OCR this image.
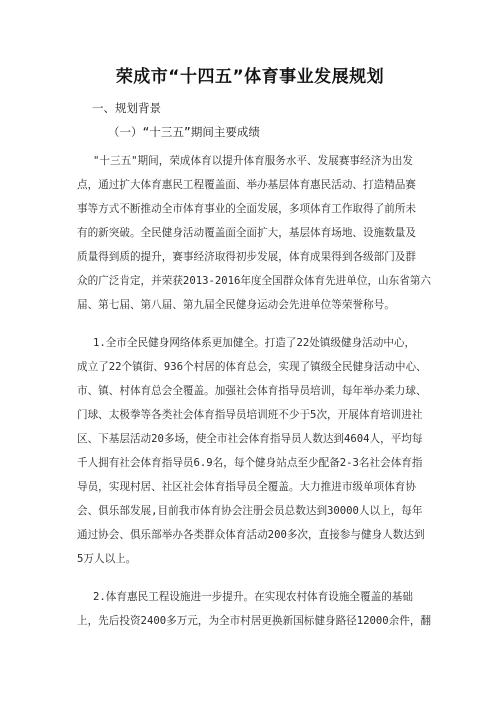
荣成市“十四五”体育事业发展规划
一、规划背景
（一）“十三五”期间主要成绩
"十三五"期间，荣成体育以提升体育服务水平、发展赛事经济为出发
点，通过扩大体育惠民工程覆盖面、举办基层体育惠民活动、打造精品赛
事等方式不断推动全市体育事业的全面发展，多项体育工作取得了前所未
有的新突破。全民健身活动覆盖面全面扩大，基层体育场地、设施数量及
质量得到质的提升，赛事经济取得初步发展，体育成果得到各级部门及群
众的广泛肯定，并荣获2013-2016年度全国群众体育先进单位，山东省第六
届、第七届、第八届、第九届全民健身运动会先进单位等荣誉称号。
1.全市全民健身网络体系更加健全。打造了22处镇级健身活动中心，
成立了22个镇街、936个村居的体育总会，实现了镇级全民健身活动中心、
市、镇、村体育总会全覆盖。加强社会体育指导员培训，每年举办柔力球、
门球、太极拳等各类社会体育指导员培训班不少于5次，开展体育培训进社
区、下基层活动20多场，使全市社会体育指导员人数达到4604人，平均每
千人拥有社会体育指导员6.9名，每个健身站点至少配备2-3名社会体育指
导员，实现村居、社区社会体育指导员全覆盖。大力推进市级单项体育协
会、俱乐部发展,目前我市体育协会注册会员总数达到30000人以上，每年
通过协会、俱乐部举办各类群众体育活动200多次，直接参与健身人数达到
5万人以上。
2.体育惠民工程设施进一步提升。在实现农村体育设施全覆盖的基础
上，先后投资2400多万元，为全市村居更换新国标健身路径12000余件，翻
